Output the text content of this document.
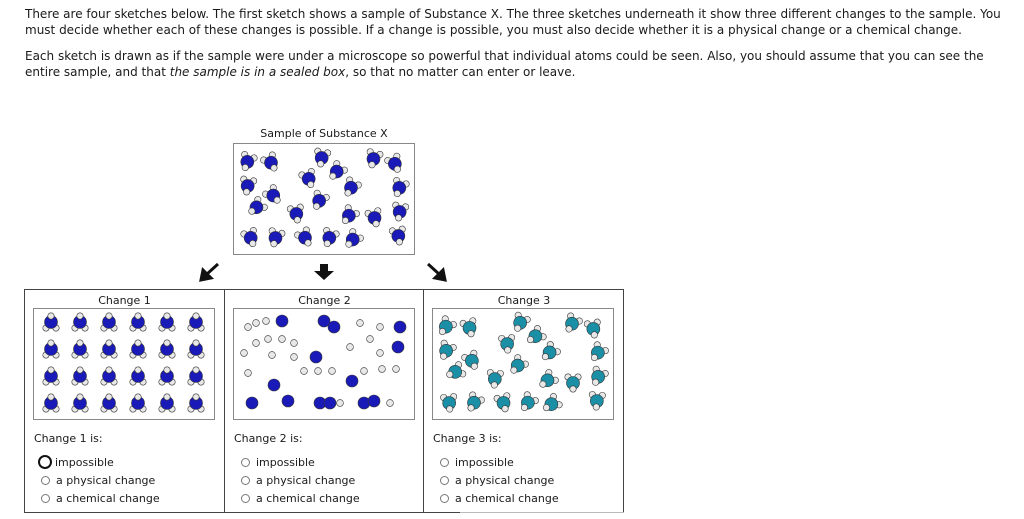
There are four sketches below. The first sketch shows a sample of Substance X. The three sketches underneath it show three different changes to the sample. You must decide whether each of these changes is possible. If a change is possible, you must also decide whether it is a physical change or a chemical change.

Each sketch is drawn as if the sample were under a microscope so powerful that individual atoms could be seen. Also, you should assume that you can see the entire sample, and that the sample is in a sealed box, so that no matter can enter or leave.

Sample of Substance X
Change 1
Change 1 is:
impossible
a physical change
a chemical change
Change 2
Change 2 is:
impossible
a physical change
a chemical change
Change 3
Change 3 is:
impossible
a physical change
a chemical change
